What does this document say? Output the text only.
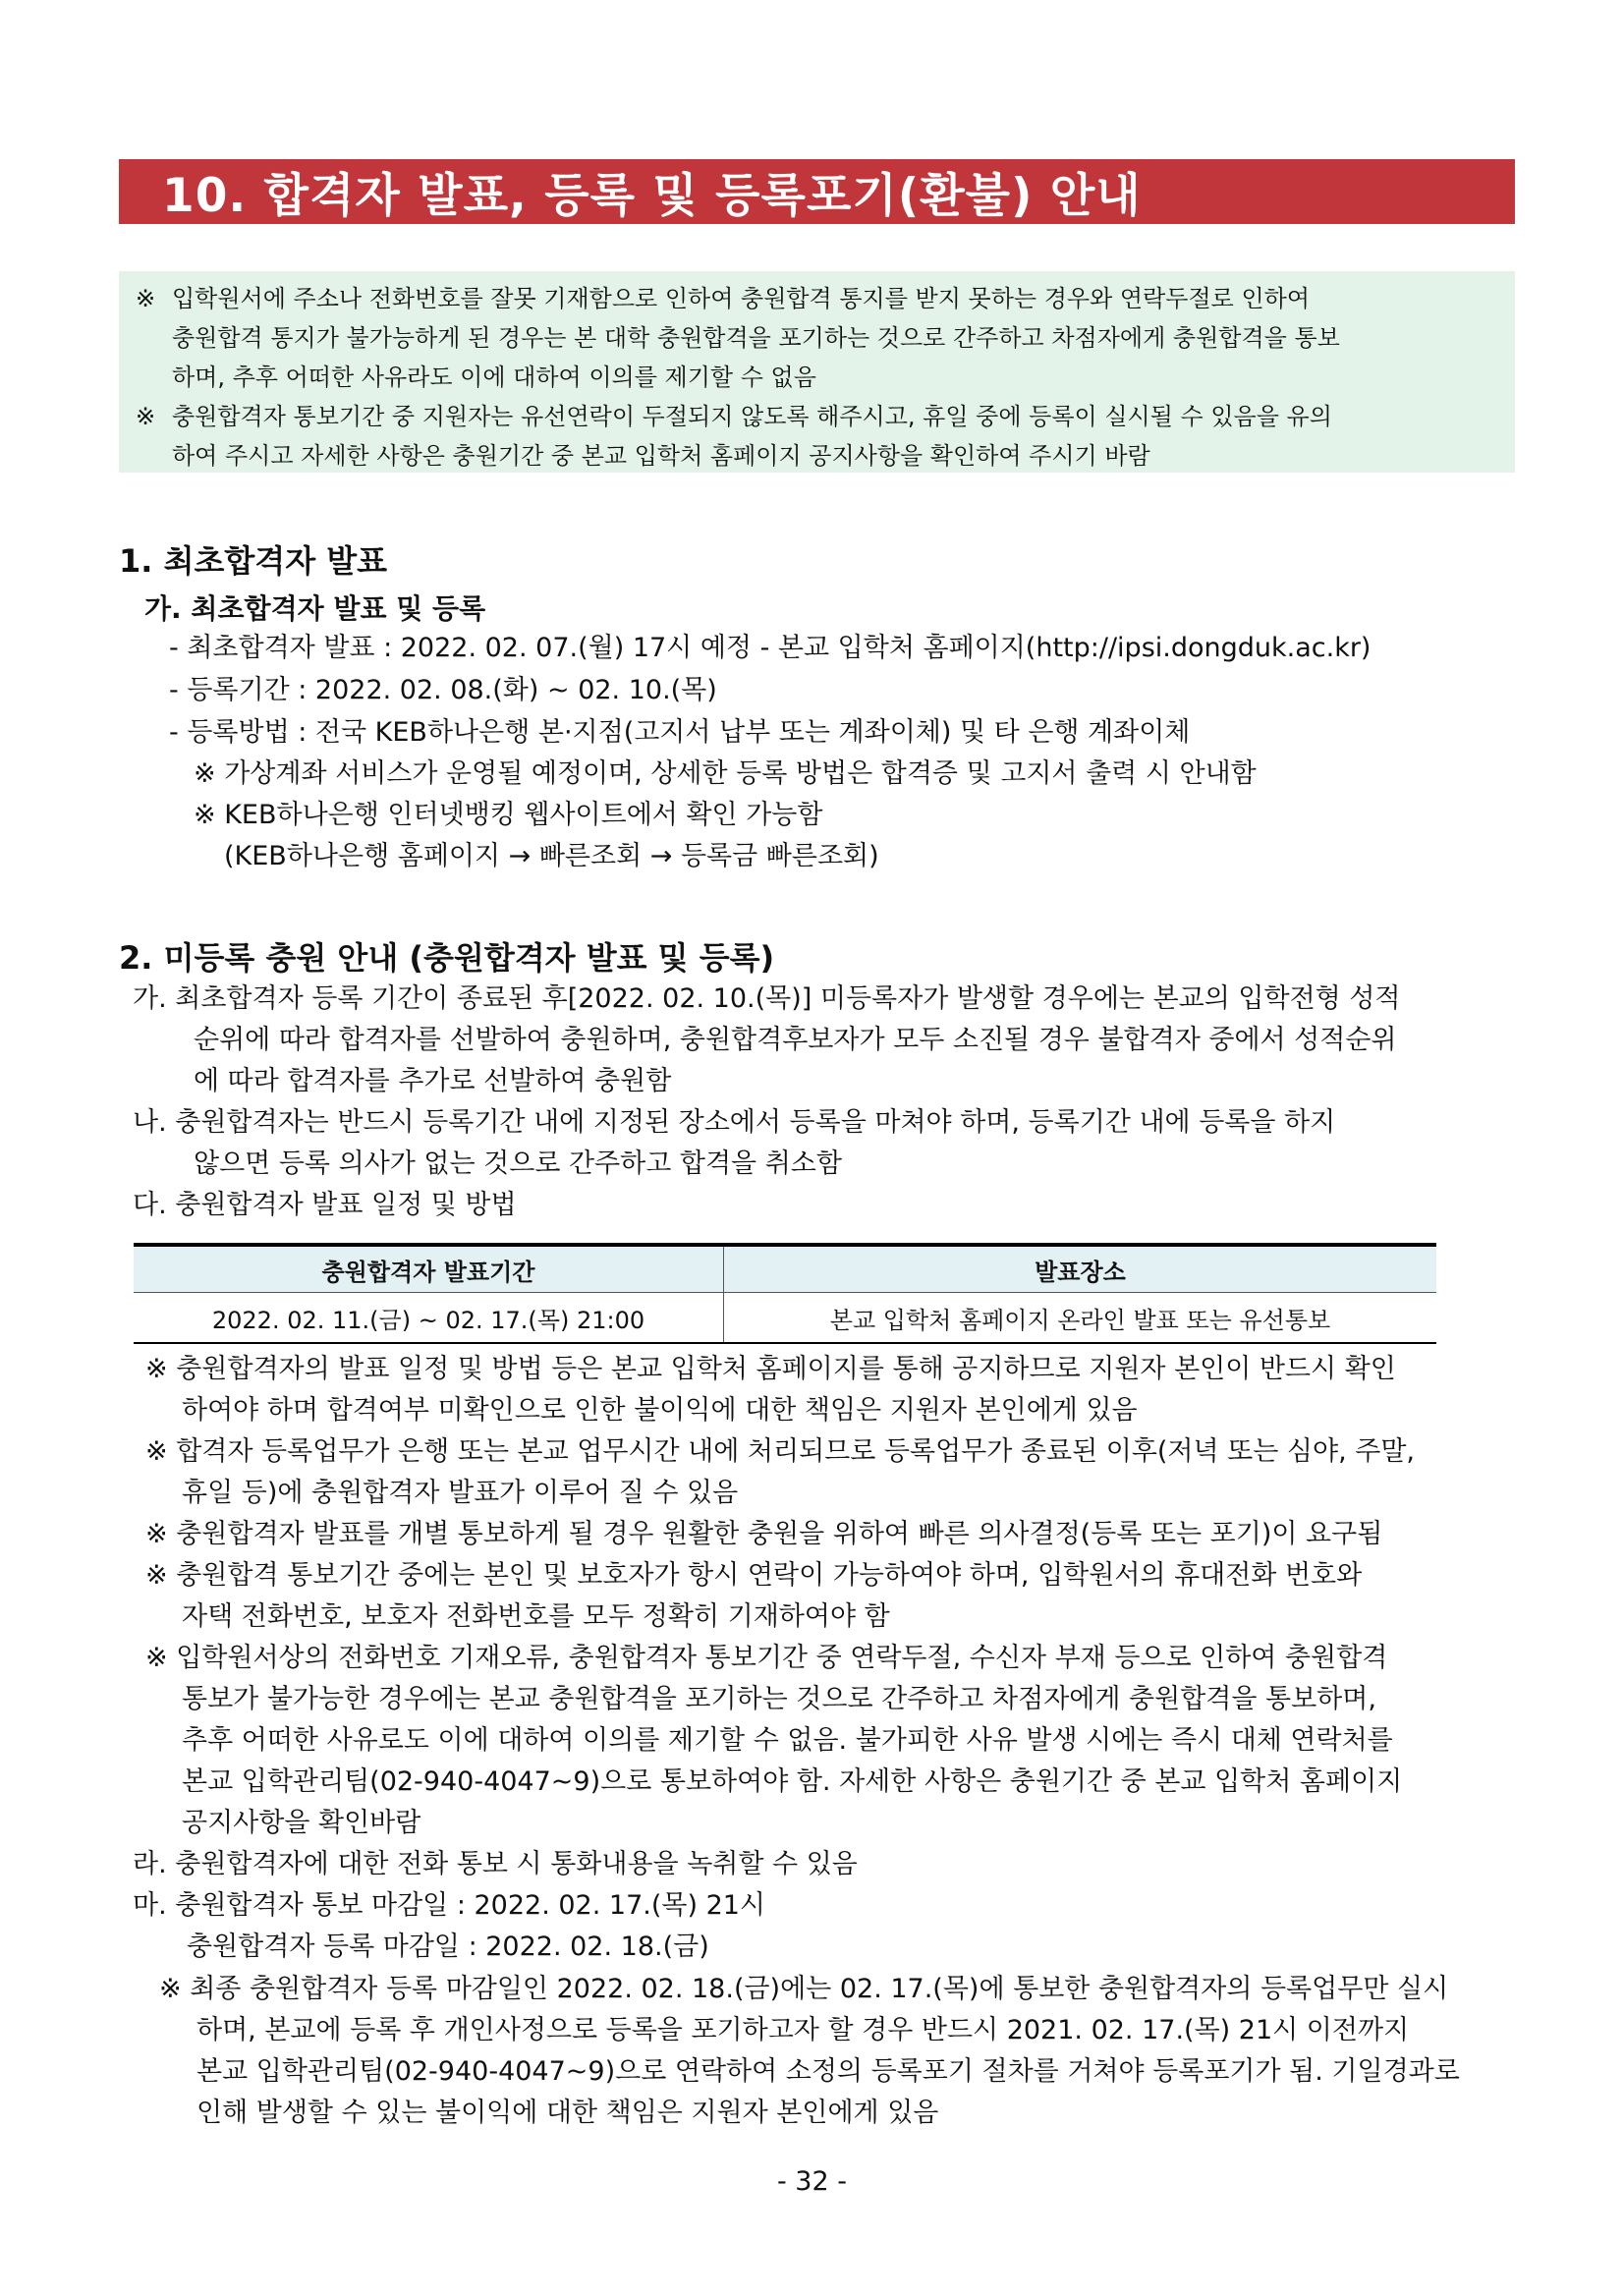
10. 합격자 발표, 등록 및 등록포기(환불) 안내
※ 입학원서에 주소나 전화번호를 잘못 기재함으로 인하여 충원합격 통지를 받지 못하는 경우와 연락두절로 인하여
충원합격 통지가 불가능하게 된 경우는 본 대학 충원합격을 포기하는 것으로 간주하고 차점자에게 충원합격을 통보
하며, 추후 어떠한 사유라도 이에 대하여 이의를 제기할 수 없음
※ 충원합격자 통보기간 중 지원자는 유선연락이 두절되지 않도록 해주시고, 휴일 중에 등록이 실시될 수 있음을 유의
하여 주시고 자세한 사항은 충원기간 중 본교 입학처 홈페이지 공지사항을 확인하여 주시기 바람
1. 최초합격자 발표
가. 최초합격자 발표 및 등록
- 최초합격자 발표 : 2022. 02. 07.(월) 17시 예정 - 본교 입학처 홈페이지(http://ipsi.dongduk.ac.kr)
- 등록기간 : 2022. 02. 08.(화) ~ 02. 10.(목)
- 등록방법 : 전국 KEB하나은행 본·지점(고지서 납부 또는 계좌이체) 및 타 은행 계좌이체
※ 가상계좌 서비스가 운영될 예정이며, 상세한 등록 방법은 합격증 및 고지서 출력 시 안내함
※ KEB하나은행 인터넷뱅킹 웹사이트에서 확인 가능함
(KEB하나은행 홈페이지 → 빠른조회 → 등록금 빠른조회)
2. 미등록 충원 안내 (충원합격자 발표 및 등록)
가. 최초합격자 등록 기간이 종료된 후[2022. 02. 10.(목)] 미등록자가 발생할 경우에는 본교의 입학전형 성적
순위에 따라 합격자를 선발하여 충원하며, 충원합격후보자가 모두 소진될 경우 불합격자 중에서 성적순위
에 따라 합격자를 추가로 선발하여 충원함
나. 충원합격자는 반드시 등록기간 내에 지정된 장소에서 등록을 마쳐야 하며, 등록기간 내에 등록을 하지
않으면 등록 의사가 없는 것으로 간주하고 합격을 취소함
다. 충원합격자 발표 일정 및 방법
충원합격자 발표기간	발표장소
2022. 02. 11.(금) ~ 02. 17.(목) 21:00	본교 입학처 홈페이지 온라인 발표 또는 유선통보
※ 충원합격자의 발표 일정 및 방법 등은 본교 입학처 홈페이지를 통해 공지하므로 지원자 본인이 반드시 확인
하여야 하며 합격여부 미확인으로 인한 불이익에 대한 책임은 지원자 본인에게 있음
※ 합격자 등록업무가 은행 또는 본교 업무시간 내에 처리되므로 등록업무가 종료된 이후(저녁 또는 심야, 주말,
휴일 등)에 충원합격자 발표가 이루어 질 수 있음
※ 충원합격자 발표를 개별 통보하게 될 경우 원활한 충원을 위하여 빠른 의사결정(등록 또는 포기)이 요구됨
※ 충원합격 통보기간 중에는 본인 및 보호자가 항시 연락이 가능하여야 하며, 입학원서의 휴대전화 번호와
자택 전화번호, 보호자 전화번호를 모두 정확히 기재하여야 함
※ 입학원서상의 전화번호 기재오류, 충원합격자 통보기간 중 연락두절, 수신자 부재 등으로 인하여 충원합격
통보가 불가능한 경우에는 본교 충원합격을 포기하는 것으로 간주하고 차점자에게 충원합격을 통보하며,
추후 어떠한 사유로도 이에 대하여 이의를 제기할 수 없음. 불가피한 사유 발생 시에는 즉시 대체 연락처를
본교 입학관리팀(02-940-4047~9)으로 통보하여야 함. 자세한 사항은 충원기간 중 본교 입학처 홈페이지
공지사항을 확인바람
라. 충원합격자에 대한 전화 통보 시 통화내용을 녹취할 수 있음
마. 충원합격자 통보 마감일 : 2022. 02. 17.(목) 21시
충원합격자 등록 마감일 : 2022. 02. 18.(금)
※ 최종 충원합격자 등록 마감일인 2022. 02. 18.(금)에는 02. 17.(목)에 통보한 충원합격자의 등록업무만 실시
하며, 본교에 등록 후 개인사정으로 등록을 포기하고자 할 경우 반드시 2021. 02. 17.(목) 21시 이전까지
본교 입학관리팀(02-940-4047~9)으로 연락하여 소정의 등록포기 절차를 거쳐야 등록포기가 됨. 기일경과로
인해 발생할 수 있는 불이익에 대한 책임은 지원자 본인에게 있음
- 32 -
